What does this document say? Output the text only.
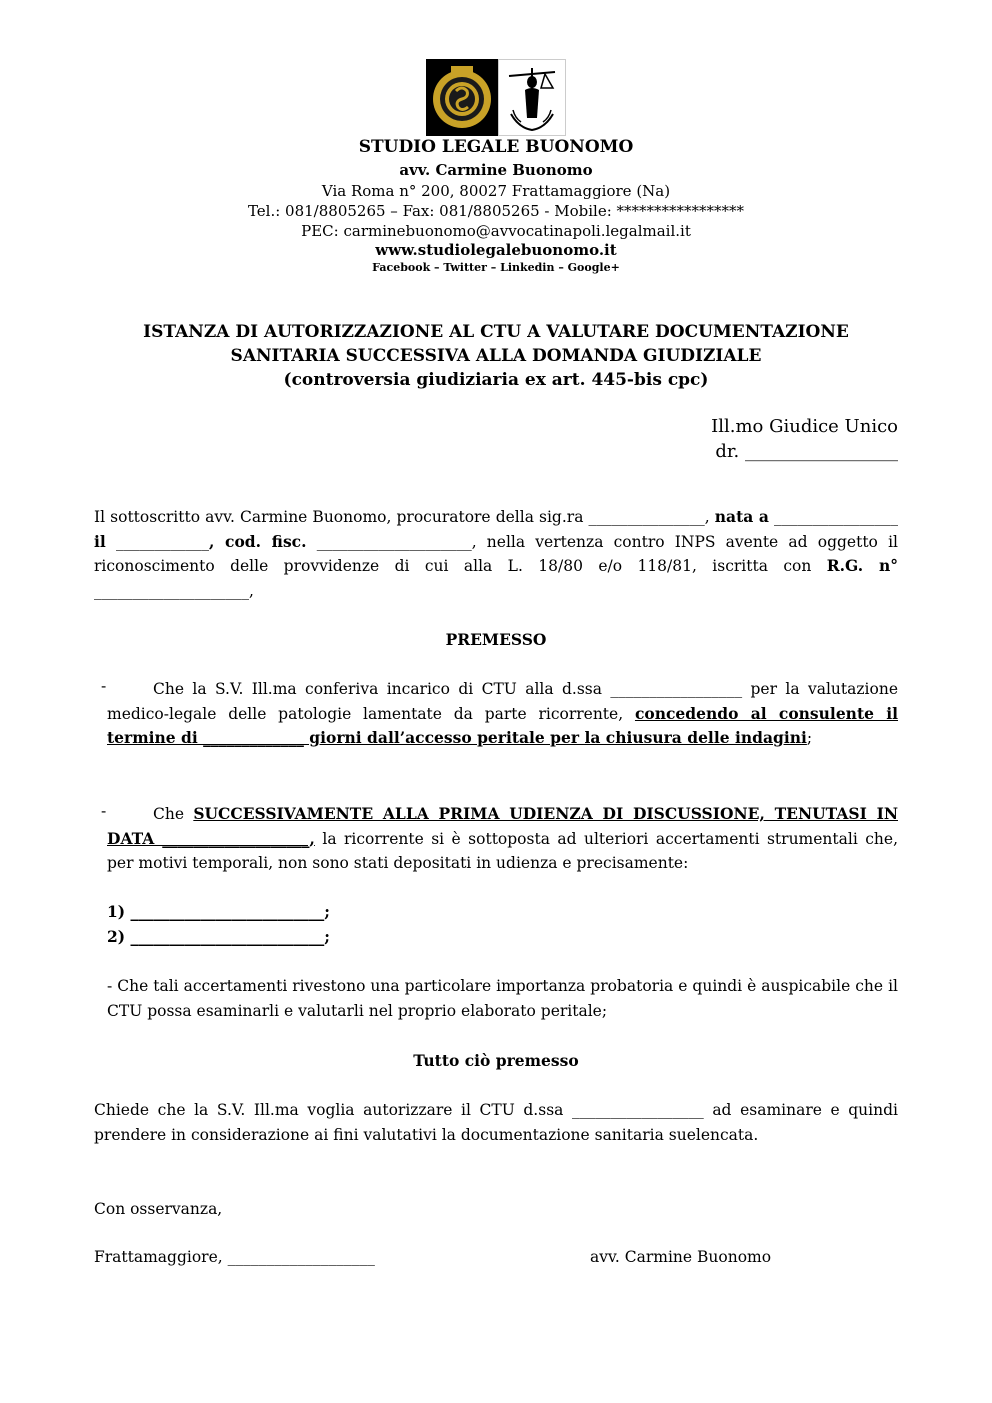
STUDIO LEGALE BUONOMO
avv. Carmine Buonomo
Via Roma n° 200, 80027 Frattamaggiore (Na)
Tel.: 081/8805265 – Fax: 081/8805265 - Mobile: *****************
PEC: carminebuonomo@avvocatinapoli.legalmail.it
www.studiolegalebuonomo.it
Facebook – Twitter – Linkedin – Google+
ISTANZA DI AUTORIZZAZIONE AL CTU A VALUTARE DOCUMENTAZIONE
SANITARIA SUCCESSIVA ALLA DOMANDA GIUDIZIALE
(controversia giudiziaria ex art. 445-bis cpc)
Ill.mo Giudice Unico
dr. _________________
Il sottoscritto avv. Carmine Buonomo, procuratore della sig.ra _______________, nata a ________________ il ____________, cod. fisc. ____________________, nella vertenza contro INPS avente ad oggetto il riconoscimento delle provvidenze di cui alla L. 18/80 e/o 118/81, iscritta con R.G. n° ____________________,
PREMESSO
-	Che la S.V. Ill.ma conferiva incarico di CTU alla d.ssa _________________ per la valutazione medico-legale delle patologie lamentate da parte ricorrente, concedendo al consulente il termine di _____________ giorni dall’accesso peritale per la chiusura delle indagini;
-	Che SUCCESSIVAMENTE ALLA PRIMA UDIENZA DI DISCUSSIONE, TENUTASI IN DATA ___________________, la ricorrente si è sottoposta ad ulteriori accertamenti strumentali che, per motivi temporali, non sono stati depositati in udienza e precisamente:
1) _________________________;
2) _________________________;
- Che tali accertamenti rivestono una particolare importanza probatoria e quindi è auspicabile che il CTU possa esaminarli e valutarli nel proprio elaborato peritale;
Tutto ciò premesso
Chiede che la S.V. Ill.ma voglia autorizzare il CTU d.ssa _________________ ad esaminare e quindi prendere in considerazione ai fini valutativi la documentazione sanitaria suelencata.
Con osservanza,
Frattamaggiore, ___________________	avv. Carmine Buonomo
